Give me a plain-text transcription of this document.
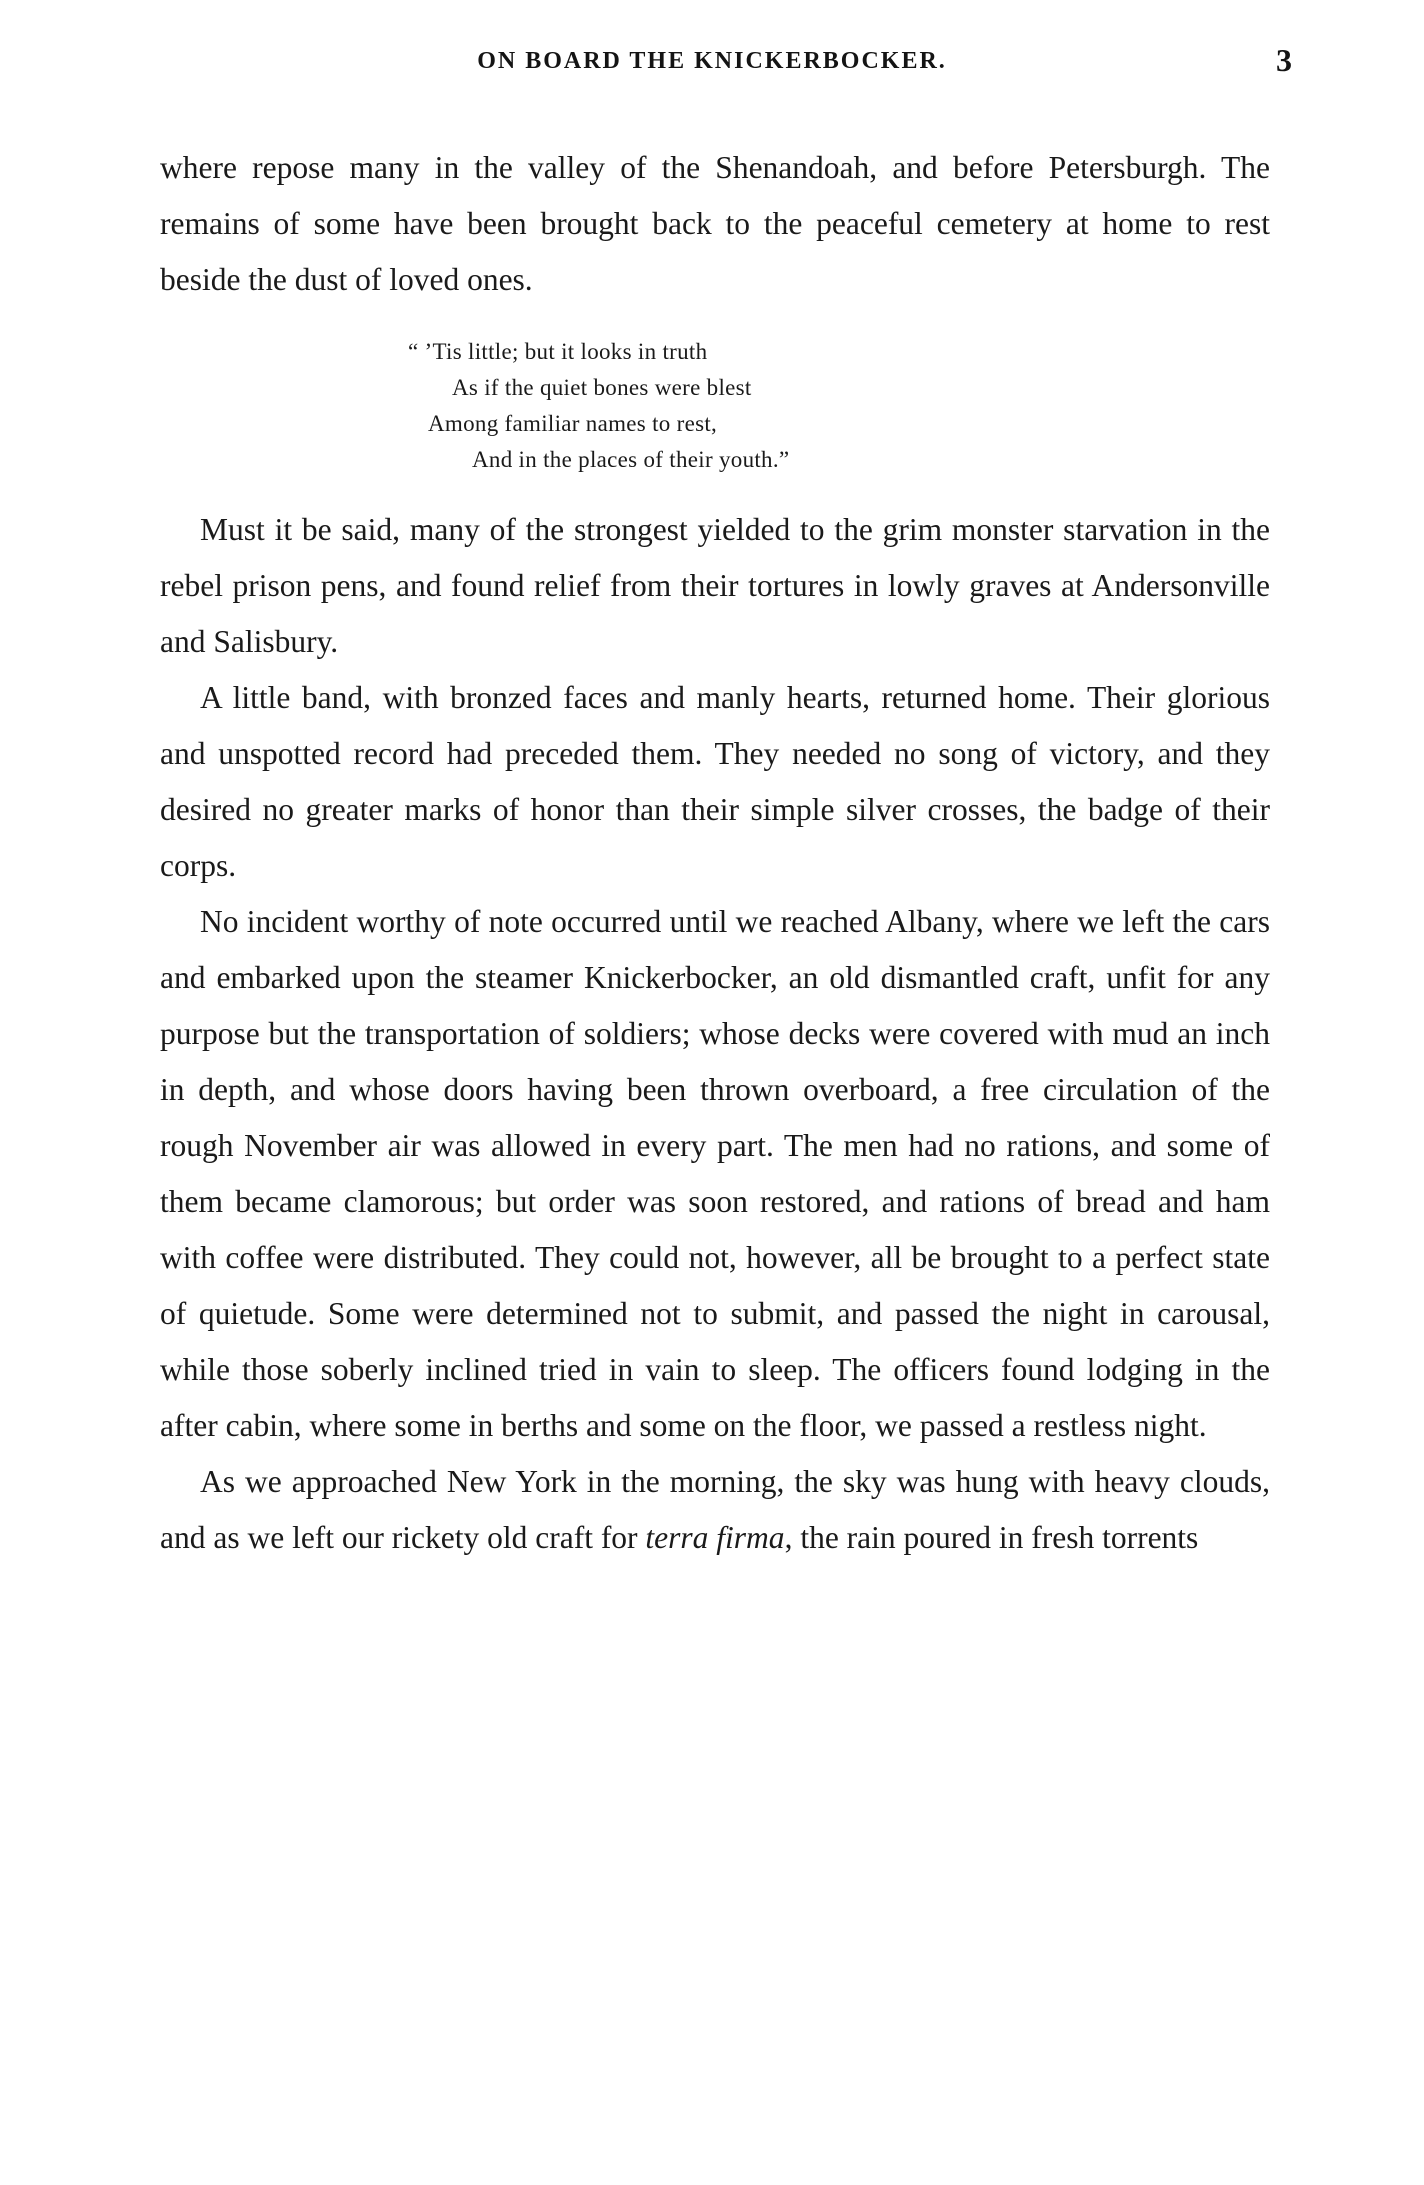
ON BOARD THE KNICKERBOCKER.	3

where repose many in the valley of the Shenandoah, and before Petersburgh. The remains of some have been brought back to the peaceful cemetery at home to rest beside the dust of loved ones.

“ ’Tis little; but it looks in truth
As if the quiet bones were blest
Among familiar names to rest,
And in the places of their youth.”

Must it be said, many of the strongest yielded to the grim monster starvation in the rebel prison pens, and found relief from their tortures in lowly graves at Andersonville and Salisbury.

A little band, with bronzed faces and manly hearts, returned home. Their glorious and unspotted record had preceded them. They needed no song of victory, and they desired no greater marks of honor than their simple silver crosses, the badge of their corps.

No incident worthy of note occurred until we reached Albany, where we left the cars and embarked upon the steamer Knickerbocker, an old dismantled craft, unfit for any purpose but the transportation of soldiers; whose decks were covered with mud an inch in depth, and whose doors having been thrown overboard, a free circulation of the rough November air was allowed in every part. The men had no rations, and some of them became clamorous; but order was soon restored, and rations of bread and ham with coffee were distributed. They could not, however, all be brought to a perfect state of quietude. Some were determined not to submit, and passed the night in carousal, while those soberly inclined tried in vain to sleep. The officers found lodging in the after cabin, where some in berths and some on the floor, we passed a restless night.

As we approached New York in the morning, the sky was hung with heavy clouds, and as we left our rickety old craft for terra firma, the rain poured in fresh torrents
